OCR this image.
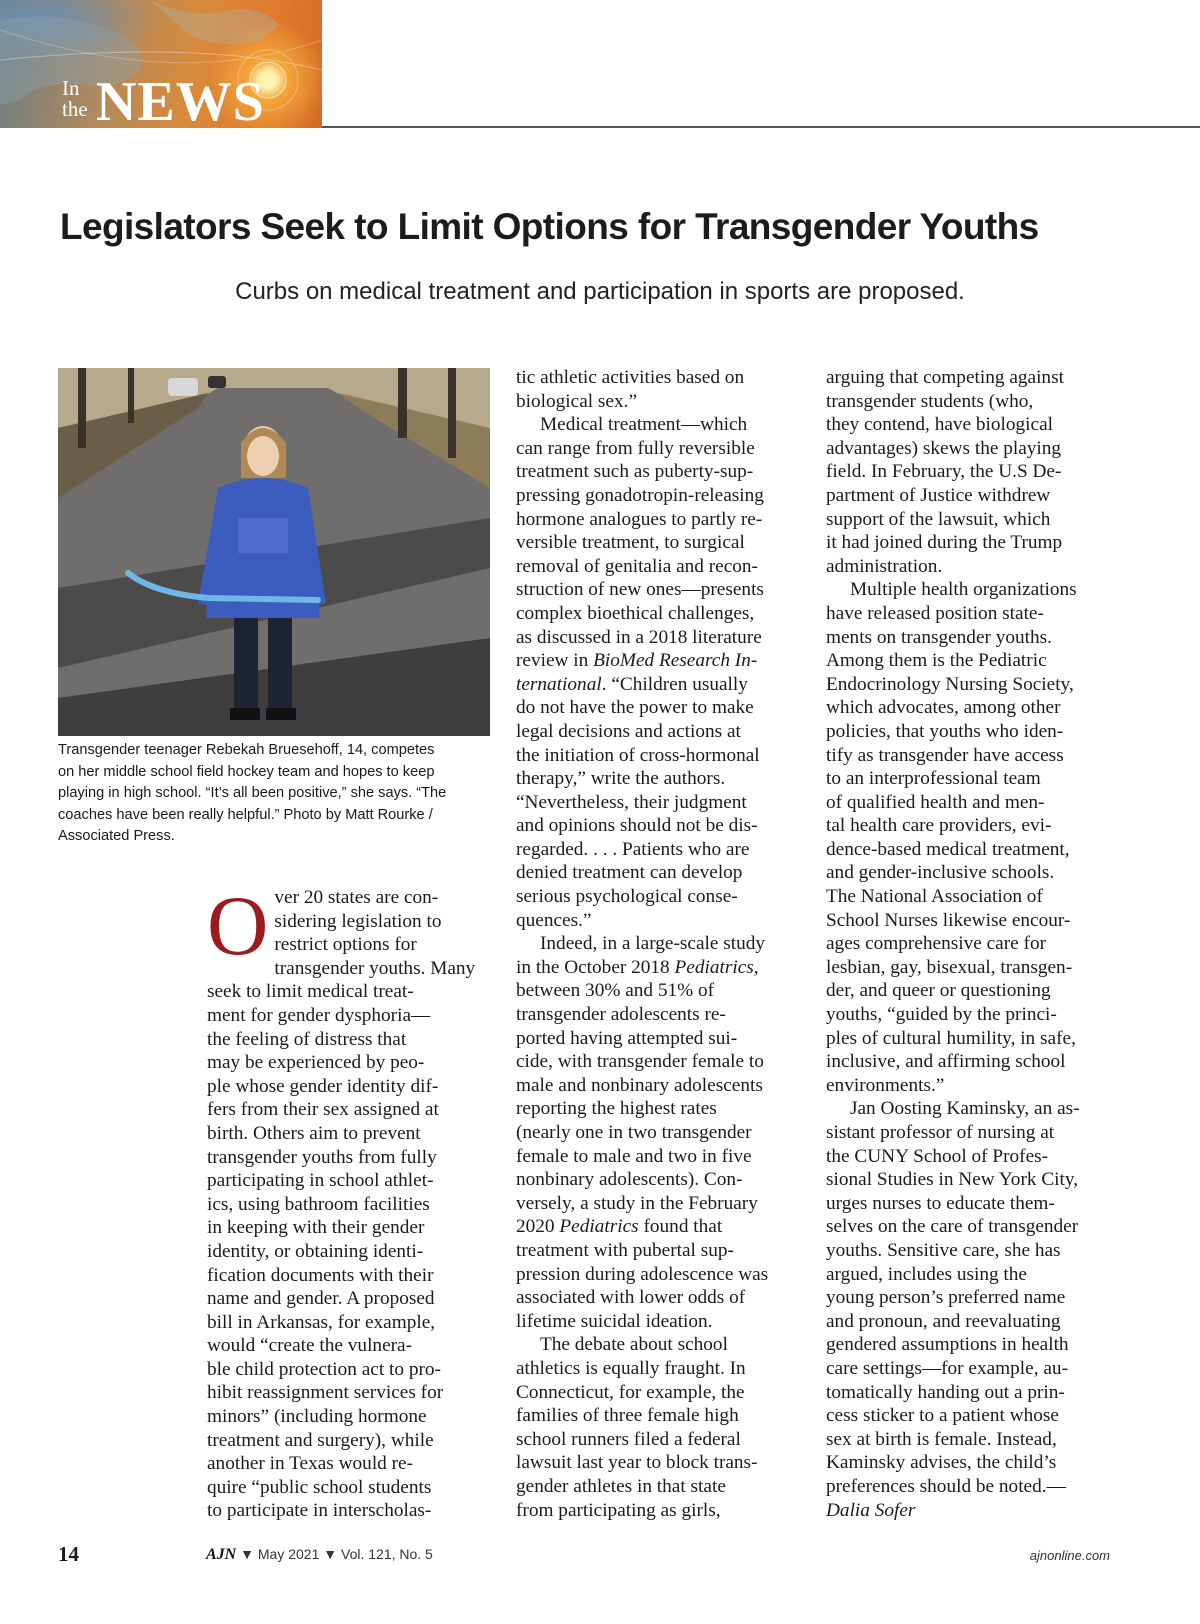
In
the NEWS
Legislators Seek to Limit Options for Transgender Youths
Curbs on medical treatment and participation in sports are proposed.
Transgender teenager Rebekah Bruesehoff, 14, competes
on her middle school field hockey team and hopes to keep
playing in high school. “It’s all been positive,” she says. “The
coaches have been really helpful.” Photo by Matt Rourke /
Associated Press.
Over 20 states are con-
sidering legislation to
restrict options for
transgender youths. Many
seek to limit medical treat-
ment for gender dysphoria—
the feeling of distress that
may be experienced by peo-
ple whose gender identity dif-
fers from their sex assigned at
birth. Others aim to prevent
transgender youths from fully
participating in school athlet-
ics, using bathroom facilities
in keeping with their gender
identity, or obtaining identi-
fication documents with their
name and gender. A proposed
bill in Arkansas, for example,
would “create the vulnera-
ble child protection act to pro-
hibit reassignment services for
minors” (including hormone
treatment and surgery), while
another in Texas would re-
quire “public school students
to participate in interscholas-
tic athletic activities based on
biological sex.”
Medical treatment—which
can range from fully reversible
treatment such as puberty-sup-
pressing gonadotropin-releasing
hormone analogues to partly re-
versible treatment, to surgical
removal of genitalia and recon-
struction of new ones—presents
complex bioethical challenges,
as discussed in a 2018 literature
review in BioMed Research In-
ternational. “Children usually
do not have the power to make
legal decisions and actions at
the initiation of cross-hormonal
therapy,” write the authors.
“Nevertheless, their judgment
and opinions should not be dis-
regarded. . . . Patients who are
denied treatment can develop
serious psychological conse-
quences.”
Indeed, in a large-scale study
in the October 2018 Pediatrics,
between 30% and 51% of
transgender adolescents re-
ported having attempted sui-
cide, with transgender female to
male and nonbinary adolescents
reporting the highest rates
(nearly one in two transgender
female to male and two in five
nonbinary adolescents). Con-
versely, a study in the February
2020 Pediatrics found that
treatment with pubertal sup-
pression during adolescence was
associated with lower odds of
lifetime suicidal ideation.
The debate about school
athletics is equally fraught. In
Connecticut, for example, the
families of three female high
school runners filed a federal
lawsuit last year to block trans-
gender athletes in that state
from participating as girls,
arguing that competing against
transgender students (who,
they contend, have biological
advantages) skews the playing
field. In February, the U.S De-
partment of Justice withdrew
support of the lawsuit, which
it had joined during the Trump
administration.
Multiple health organizations
have released position state-
ments on transgender youths.
Among them is the Pediatric
Endocrinology Nursing Society,
which advocates, among other
policies, that youths who iden-
tify as transgender have access
to an interprofessional team
of qualified health and men-
tal health care providers, evi-
dence-based medical treatment,
and gender-inclusive schools.
The National Association of
School Nurses likewise encour-
ages comprehensive care for
lesbian, gay, bisexual, transgen-
der, and queer or questioning
youths, “guided by the princi-
ples of cultural humility, in safe,
inclusive, and affirming school
environments.”
Jan Oosting Kaminsky, an as-
sistant professor of nursing at
the CUNY School of Profes-
sional Studies in New York City,
urges nurses to educate them-
selves on the care of transgender
youths. Sensitive care, she has
argued, includes using the
young person’s preferred name
and pronoun, and reevaluating
gendered assumptions in health
care settings—for example, au-
tomatically handing out a prin-
cess sticker to a patient whose
sex at birth is female. Instead,
Kaminsky advises, the child’s
preferences should be noted.—
Dalia Sofer
14	AJN ▼ May 2021 ▼ Vol. 121, No. 5	ajnonline.com
